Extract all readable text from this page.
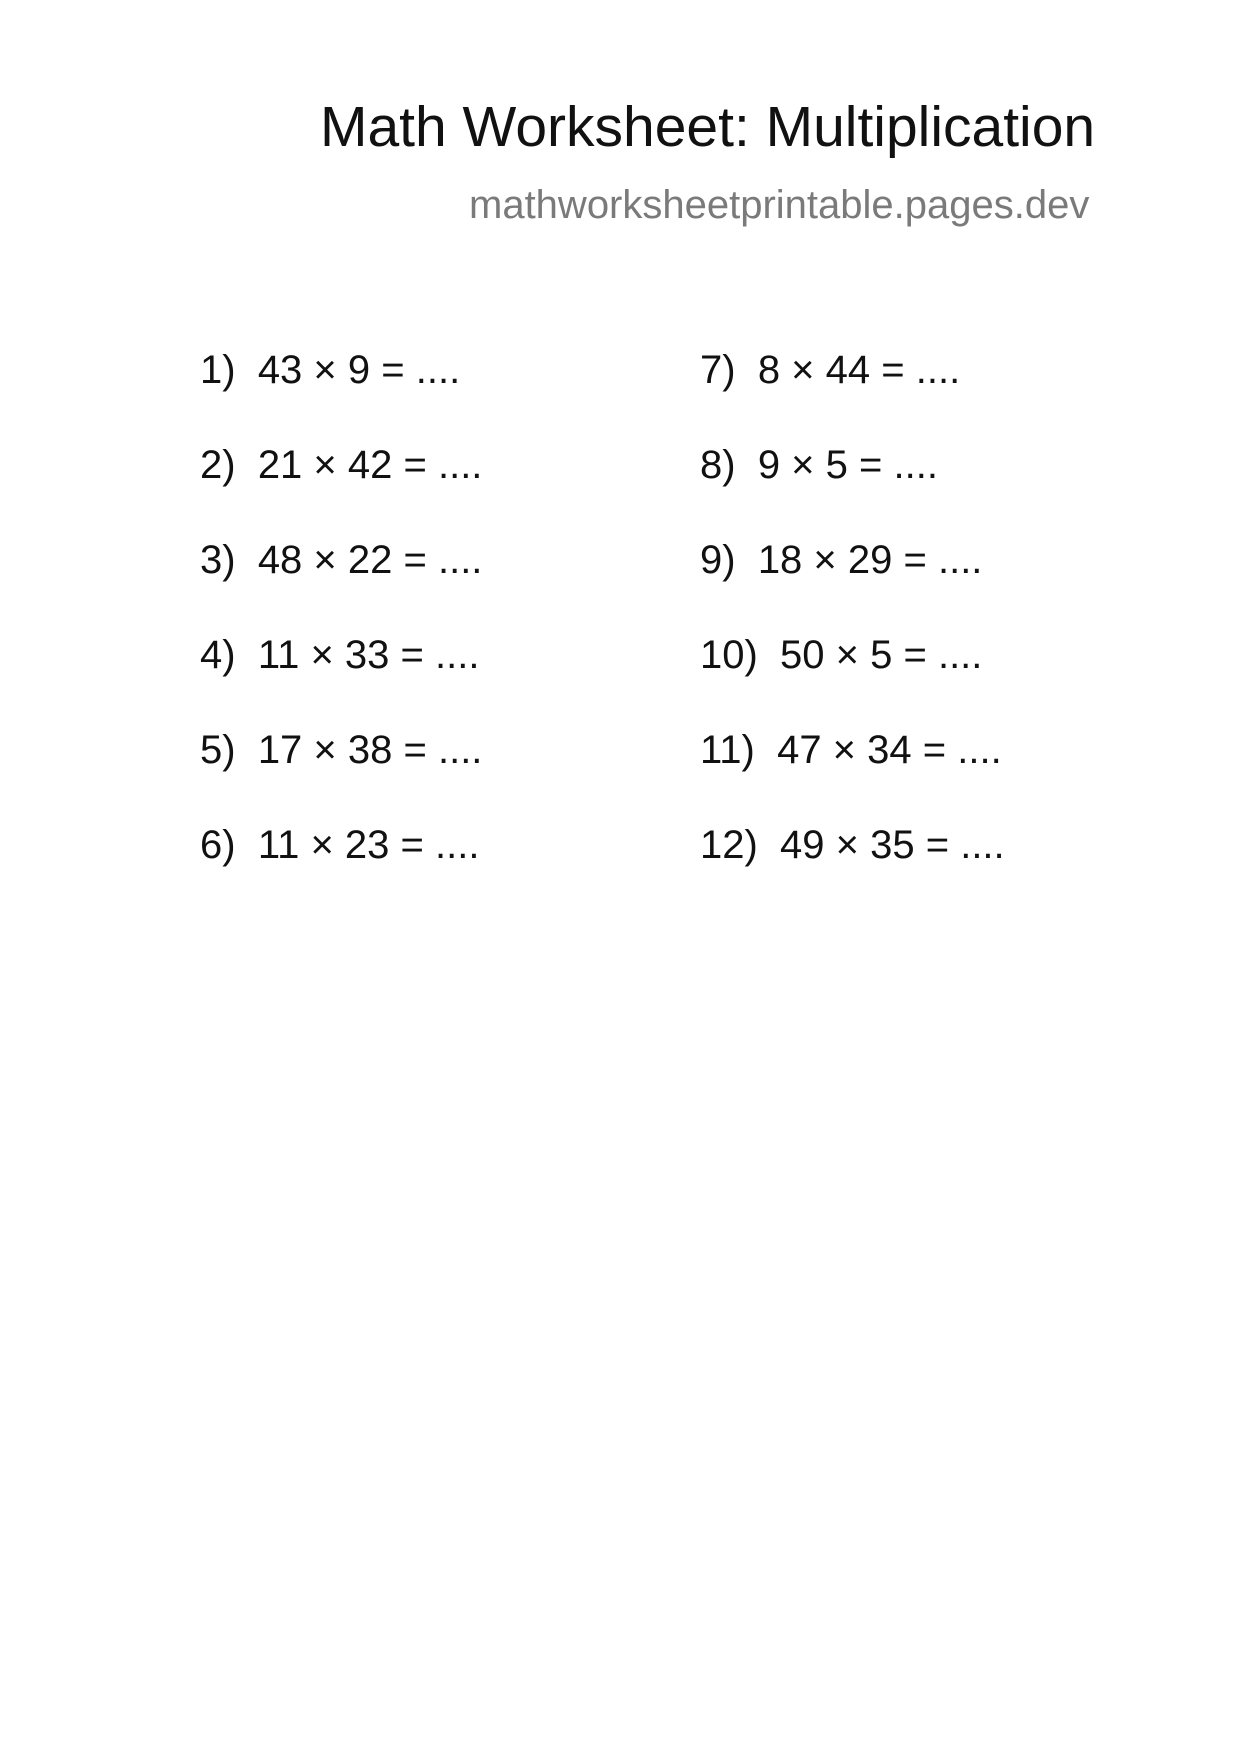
Math Worksheet: Multiplication
mathworksheetprintable.pages.dev
1) 43 × 9 = ....
2) 21 × 42 = ....
3) 48 × 22 = ....
4) 11 × 33 = ....
5) 17 × 38 = ....
6) 11 × 23 = ....
7) 8 × 44 = ....
8) 9 × 5 = ....
9) 18 × 29 = ....
10) 50 × 5 = ....
11) 47 × 34 = ....
12) 49 × 35 = ....
